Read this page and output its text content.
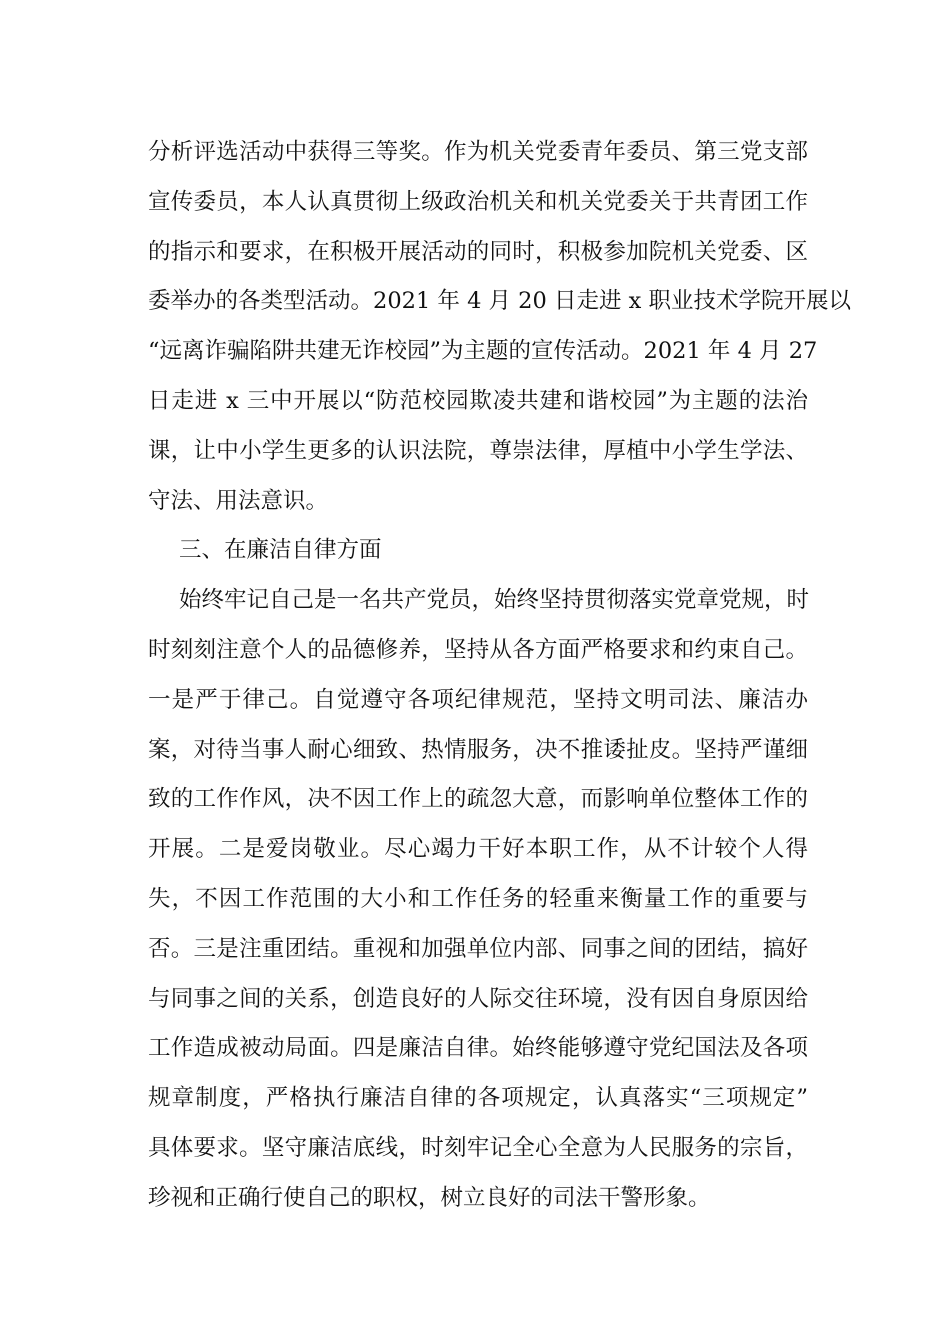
分析评选活动中获得三等奖。作为机关党委青年委员、第三党支部
宣传委员，本人认真贯彻上级政治机关和机关党委关于共青团工作
的指示和要求，在积极开展活动的同时，积极参加院机关党委、区
委举办的各类型活动。2021 年 4 月 20 日走进 x 职业技术学院开展以
“远离诈骗陷阱共建无诈校园”为主题的宣传活动。2021 年 4 月 27
日走进 x 三中开展以“防范校园欺凌共建和谐校园”为主题的法治
课，让中小学生更多的认识法院，尊崇法律，厚植中小学生学法、
守法、用法意识。
三、在廉洁自律方面
始终牢记自己是一名共产党员，始终坚持贯彻落实党章党规，时
时刻刻注意个人的品德修养，坚持从各方面严格要求和约束自己。
一是严于律己。自觉遵守各项纪律规范，坚持文明司法、廉洁办
案，对待当事人耐心细致、热情服务，决不推诿扯皮。坚持严谨细
致的工作作风，决不因工作上的疏忽大意，而影响单位整体工作的
开展。二是爱岗敬业。尽心竭力干好本职工作，从不计较个人得
失，不因工作范围的大小和工作任务的轻重来衡量工作的重要与
否。三是注重团结。重视和加强单位内部、同事之间的团结，搞好
与同事之间的关系，创造良好的人际交往环境，没有因自身原因给
工作造成被动局面。四是廉洁自律。始终能够遵守党纪国法及各项
规章制度，严格执行廉洁自律的各项规定，认真落实“三项规定”
具体要求。坚守廉洁底线，时刻牢记全心全意为人民服务的宗旨，
珍视和正确行使自己的职权，树立良好的司法干警形象。
